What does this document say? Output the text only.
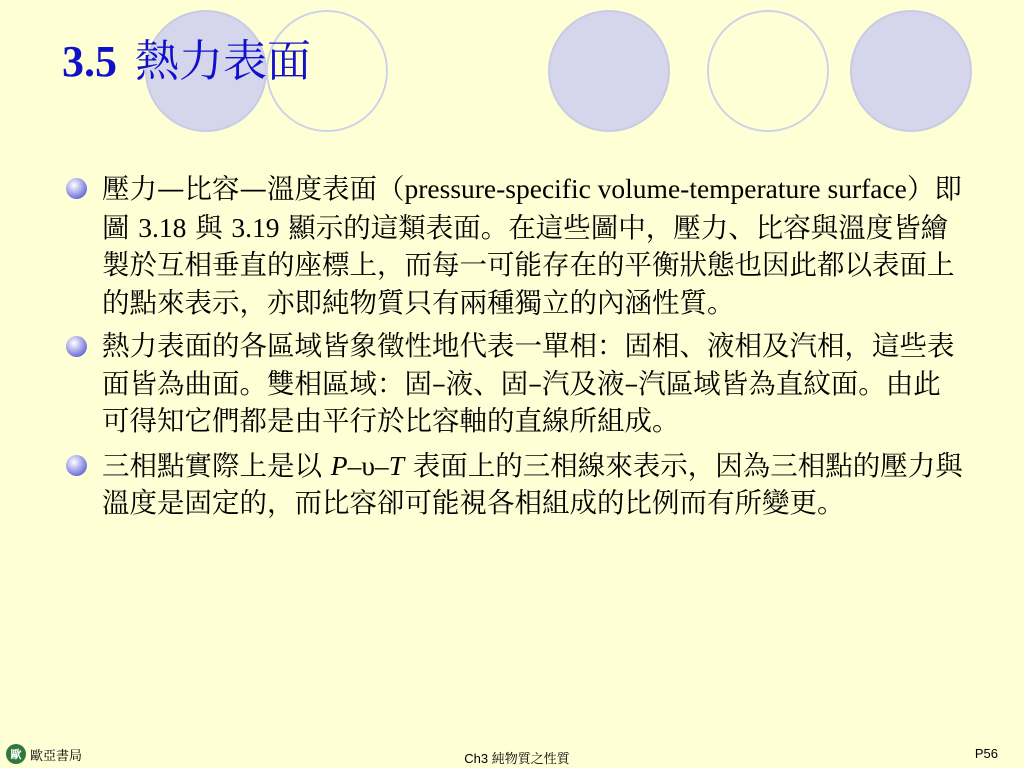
3.5 熱力表面

壓力—比容—溫度表面（pressure-specific volume-temperature surface）即圖 3.18 與 3.19 顯示的這類表面。在這些圖中，壓力、比容與溫度皆繪製於互相垂直的座標上，而每一可能存在的平衡狀態也因此都以表面上的點來表示，亦即純物質只有兩種獨立的內涵性質。

熱力表面的各區域皆象徵性地代表一單相：固相、液相及汽相，這些表面皆為曲面。雙相區域：固–液、固–汽及液–汽區域皆為直紋面。由此可得知它們都是由平行於比容軸的直線所組成。

三相點實際上是以 P–υ–T 表面上的三相線來表示，因為三相點的壓力與溫度是固定的，而比容卻可能視各相組成的比例而有所變更。

歐 歐亞書局	Ch3 純物質之性質	P56
